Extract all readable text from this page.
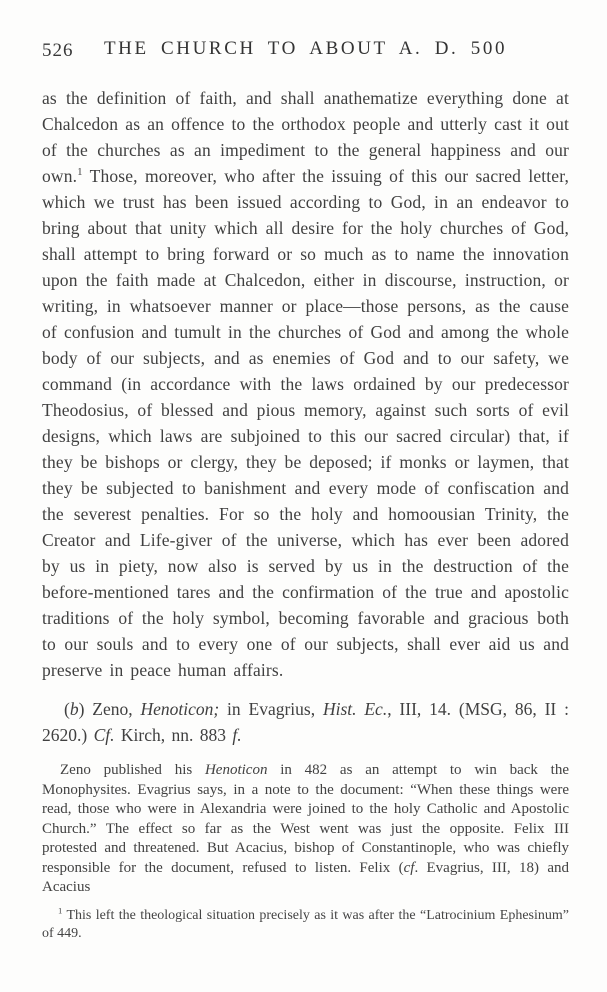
526	THE CHURCH TO ABOUT A. D. 500

as the definition of faith, and shall anathematize everything done at Chalcedon as an offence to the orthodox people and utterly cast it out of the churches as an impediment to the general happiness and our own.$^1$ Those, moreover, who after the issuing of this our sacred letter, which we trust has been issued according to God, in an endeavor to bring about that unity which all desire for the holy churches of God, shall attempt to bring forward or so much as to name the innovation upon the faith made at Chalcedon, either in discourse, instruction, or writing, in whatsoever manner or place—those persons, as the cause of confusion and tumult in the churches of God and among the whole body of our subjects, and as enemies of God and to our safety, we command (in accordance with the laws ordained by our predecessor Theodosius, of blessed and pious memory, against such sorts of evil designs, which laws are subjoined to this our sacred circular) that, if they be bishops or clergy, they be deposed; if monks or laymen, that they be subjected to banishment and every mode of confiscation and the severest penalties. For so the holy and homoousian Trinity, the Creator and Life-giver of the universe, which has ever been adored by us in piety, now also is served by us in the destruction of the before-mentioned tares and the confirmation of the true and apostolic traditions of the holy symbol, becoming favorable and gracious both to our souls and to every one of our subjects, shall ever aid us and preserve in peace human affairs.

(b) Zeno, Henoticon; in Evagrius, Hist. Ec., III, 14. (MSG, 86, II : 2620.) Cf. Kirch, nn. 883 f.

Zeno published his Henoticon in 482 as an attempt to win back the Monophysites. Evagrius says, in a note to the document: “When these things were read, those who were in Alexandria were joined to the holy Catholic and Apostolic Church.” The effect so far as the West went was just the opposite. Felix III protested and threatened. But Acacius, bishop of Constantinople, who was chiefly responsible for the document, refused to listen. Felix (cf. Evagrius, III, 18) and Acacius

$^1$ This left the theological situation precisely as it was after the “Latrocinium Ephesinum” of 449.
